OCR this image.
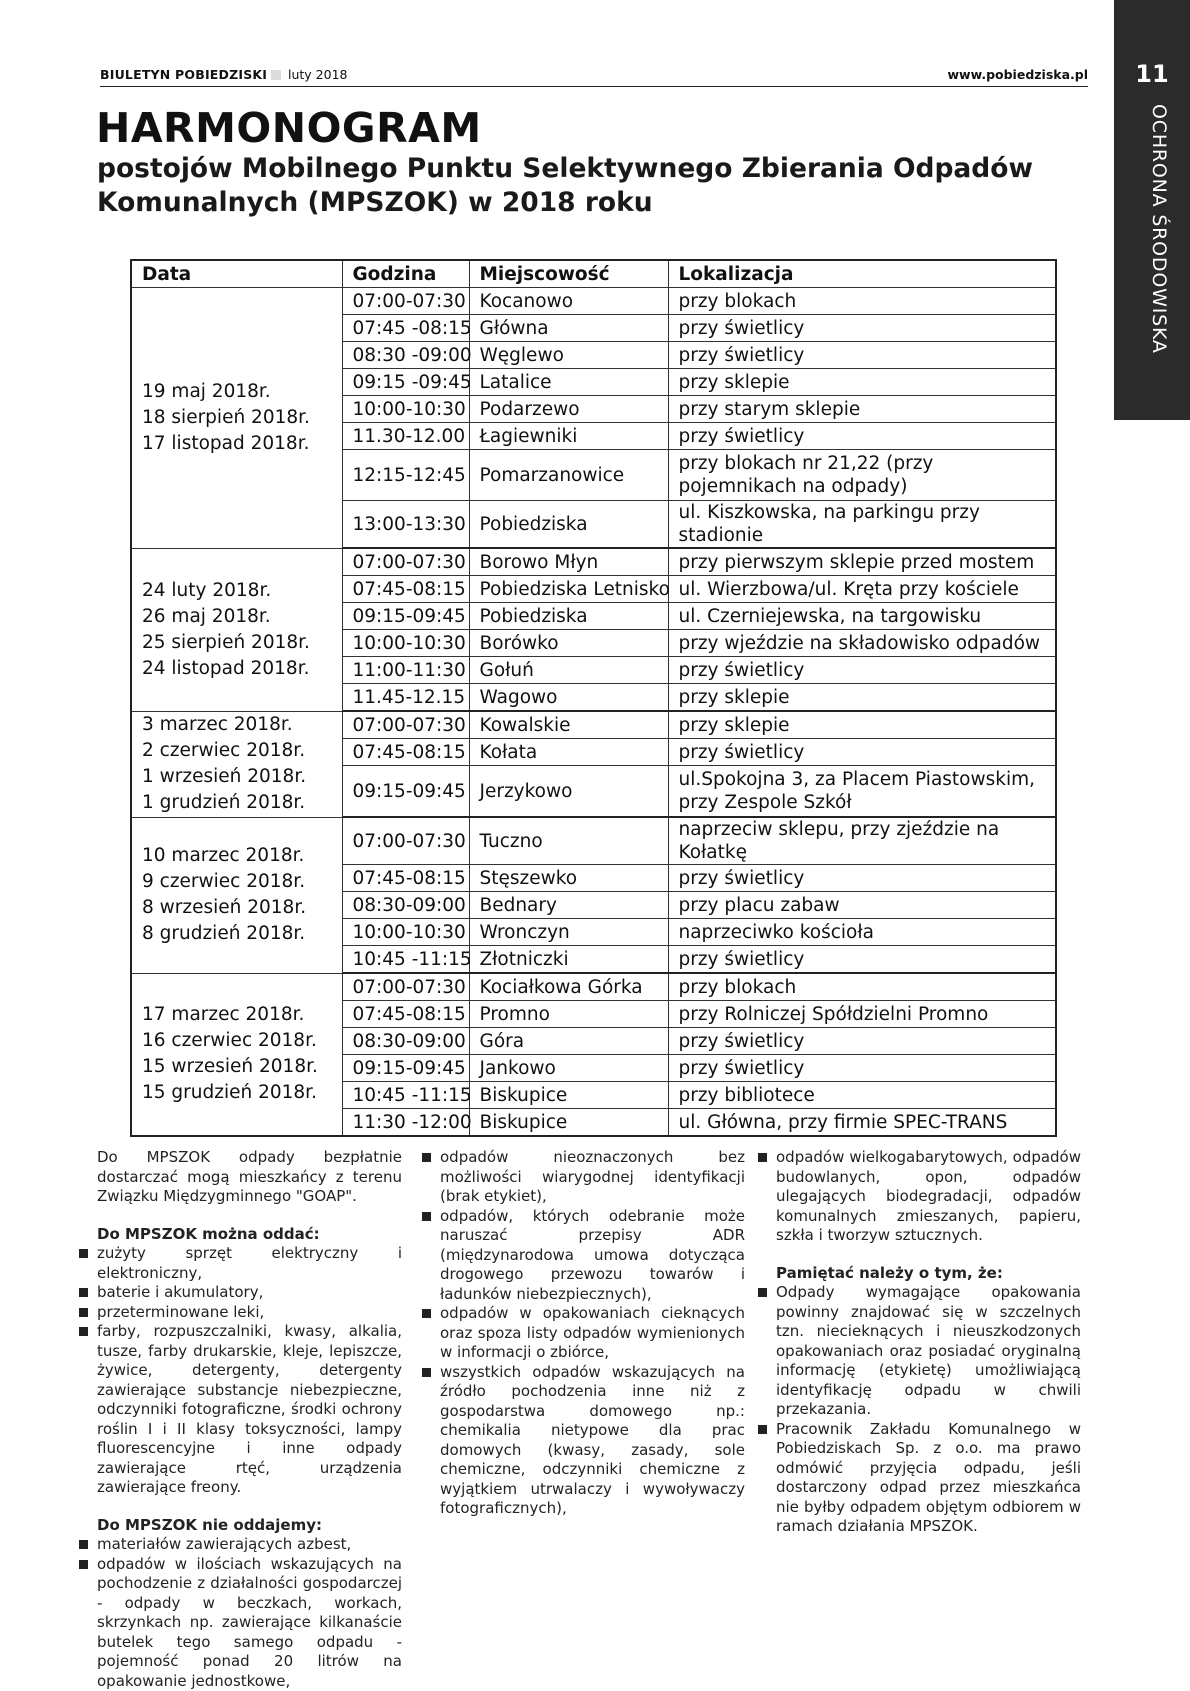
BIULETYN POBIEDZISKI luty 2018	www.pobiedziska.pl	11
OCHRONA ŚRODOWISKA
HARMONOGRAM
postojów Mobilnego Punktu Selektywnego Zbierania Odpadów
Komunalnych (MPSZOK) w 2018 roku
Data	Godzina	Miejscowość	Lokalizacja

19 maj 2018r.
18 sierpień 2018r.
17 listopad 2018r.	07:00-07:30	Kocanowo	przy blokach
	07:45 -08:15	Główna	przy świetlicy
	08:30 -09:00	Węglewo	przy świetlicy
	09:15 -09:45	Latalice	przy sklepie
	10:00-10:30	Podarzewo	przy starym sklepie
	11.30-12.00	Łagiewniki	przy świetlicy
	12:15-12:45	Pomarzanowice	przy blokach nr 21,22 (przy pojemnikach na odpady)
	13:00-13:30	Pobiedziska	ul. Kiszkowska, na parkingu przy stadionie

24 luty 2018r.
26 maj 2018r.
25 sierpień 2018r.
24 listopad 2018r.	07:00-07:30	Borowo Młyn	przy pierwszym sklepie przed mostem
	07:45-08:15	Pobiedziska Letnisko	ul. Wierzbowa/ul. Kręta przy kościele
	09:15-09:45	Pobiedziska	ul. Czerniejewska, na targowisku
	10:00-10:30	Borówko	przy wjeździe na składowisko odpadów
	11:00-11:30	Gołuń	przy świetlicy
	11.45-12.15	Wagowo	przy sklepie

3 marzec 2018r.
2 czerwiec 2018r.
1 wrzesień 2018r.
1 grudzień 2018r.	07:00-07:30	Kowalskie	przy sklepie
	07:45-08:15	Kołata	przy świetlicy
	09:15-09:45	Jerzykowo	ul.Spokojna 3, za Placem Piastowskim, przy Zespole Szkół

10 marzec 2018r.
9 czerwiec 2018r.
8 wrzesień 2018r.
8 grudzień 2018r.	07:00-07:30	Tuczno	naprzeciw sklepu, przy zjeździe na Kołatkę
	07:45-08:15	Stęszewko	przy świetlicy
	08:30-09:00	Bednary	przy placu zabaw
	10:00-10:30	Wronczyn	naprzeciwko kościoła
	10:45 -11:15	Złotniczki	przy świetlicy

17 marzec 2018r.
16 czerwiec 2018r.
15 wrzesień 2018r.
15 grudzień 2018r.	07:00-07:30	Kociałkowa Górka	przy blokach
	07:45-08:15	Promno	przy Rolniczej Spółdzielni Promno
	08:30-09:00	Góra	przy świetlicy
	09:15-09:45	Jankowo	przy świetlicy
	10:45 -11:15	Biskupice	przy bibliotece
	11:30 -12:00	Biskupice	ul. Główna, przy firmie SPEC-TRANS

Do MPSZOK odpady bezpłatnie dostarczać mogą mieszkańcy z terenu Związku Międzygminnego "GOAP".

Do MPSZOK można oddać:
zużyty sprzęt elektryczny i elektroniczny,
baterie i akumulatory,
przeterminowane leki,
farby, rozpuszczalniki, kwasy, alkalia, tusze, farby drukarskie, kleje, lepiszcze, żywice, detergenty, detergenty zawierające substancje niebezpieczne, odczynniki fotograficzne, środki ochrony roślin I i II klasy toksyczności, lampy fluorescencyjne i inne odpady zawierające rtęć, urządzenia zawierające freony.
Do MPSZOK nie oddajemy:
materiałów zawierających azbest,
odpadów w ilościach wskazujących na pochodzenie z działalności gospodarczej - odpady w beczkach, workach, skrzynkach np. zawierające kilkanaście butelek tego samego odpadu - pojemność ponad 20 litrów na opakowanie jednostkowe,
odpadów nieoznaczonych bez możliwości wiarygodnej identyfikacji (brak etykiet),
odpadów, których odebranie może naruszać przepisy ADR (międzynarodowa umowa dotycząca drogowego przewozu towarów i ładunków niebezpiecznych),
odpadów w opakowaniach cieknących oraz spoza listy odpadów wymienionych w informacji o zbiórce,
wszystkich odpadów wskazujących na źródło pochodzenia inne niż z gospodarstwa domowego np.: chemikalia nietypowe dla prac domowych (kwasy, zasady, sole chemiczne, odczynniki chemiczne z wyjątkiem utrwalaczy i wywoływaczy fotograficznych),
odpadów wielkogabarytowych, odpadów budowlanych, opon, odpadów ulegających biodegradacji, odpadów komunalnych zmieszanych, papieru, szkła i tworzyw sztucznych.
Pamiętać należy o tym, że:
Odpady wymagające opakowania powinny znajdować się w szczelnych tzn. niecieknących i nieuszkodzonych opakowaniach oraz posiadać oryginalną informację (etykietę) umożliwiającą identyfikację odpadu w chwili przekazania.
Pracownik Zakładu Komunalnego w Pobiedziskach Sp. z o.o. ma prawo odmówić przyjęcia odpadu, jeśli dostarczony odpad przez mieszkańca nie byłby odpadem objętym odbiorem w ramach działania MPSZOK.
